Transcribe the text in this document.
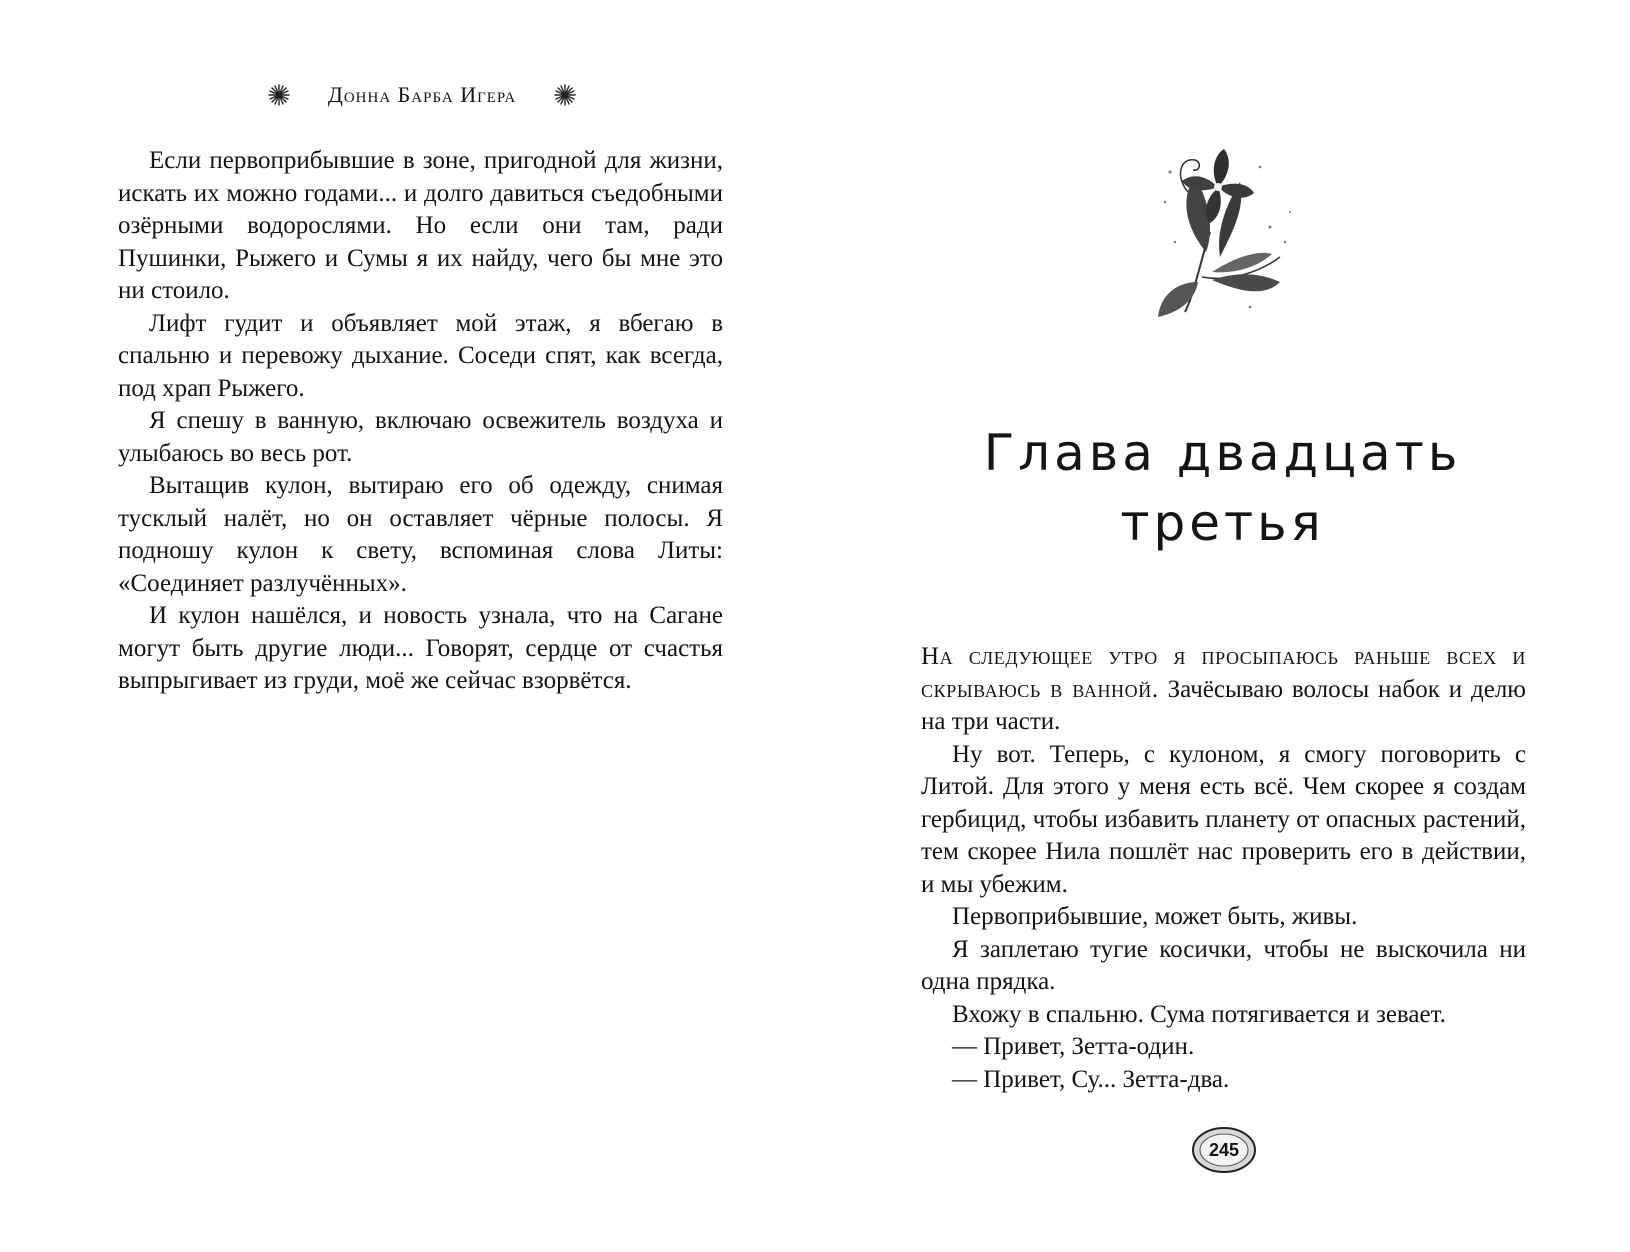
Донна Барба Игера

Если первоприбывшие в зоне, пригодной для жизни, искать их можно годами... и долго давиться съедобными озёрными водорослями. Но если они там, ради Пушинки, Рыжего и Сумы я их найду, чего бы мне это ни стоило.

Лифт гудит и объявляет мой этаж, я вбегаю в спальню и перевожу дыхание. Соседи спят, как всегда, под храп Рыжего.

Я спешу в ванную, включаю освежитель воздуха и улыбаюсь во весь рот.

Вытащив кулон, вытираю его об одежду, снимая тусклый налёт, но он оставляет чёрные полосы. Я подношу кулон к свету, вспоминая слова Литы: «Соединяет разлучённых».

И кулон нашёлся, и новость узнала, что на Сагане могут быть другие люди... Говорят, сердце от счастья выпрыгивает из груди, моё же сейчас взорвётся.

Глава двадцать
третья

На следующее утро я просыпаюсь раньше всех и скрываюсь в ванной. Зачёсываю волосы набок и делю на три части.

Ну вот. Теперь, с кулоном, я смогу поговорить с Литой. Для этого у меня есть всё. Чем скорее я создам гербицид, чтобы избавить планету от опасных растений, тем скорее Нила пошлёт нас проверить его в действии, и мы убежим.

Первоприбывшие, может быть, живы.

Я заплетаю тугие косички, чтобы не выскочила ни одна прядка.

Вхожу в спальню. Сума потягивается и зевает.

— Привет, Зетта-один.

— Привет, Су... Зетта-два.

245
